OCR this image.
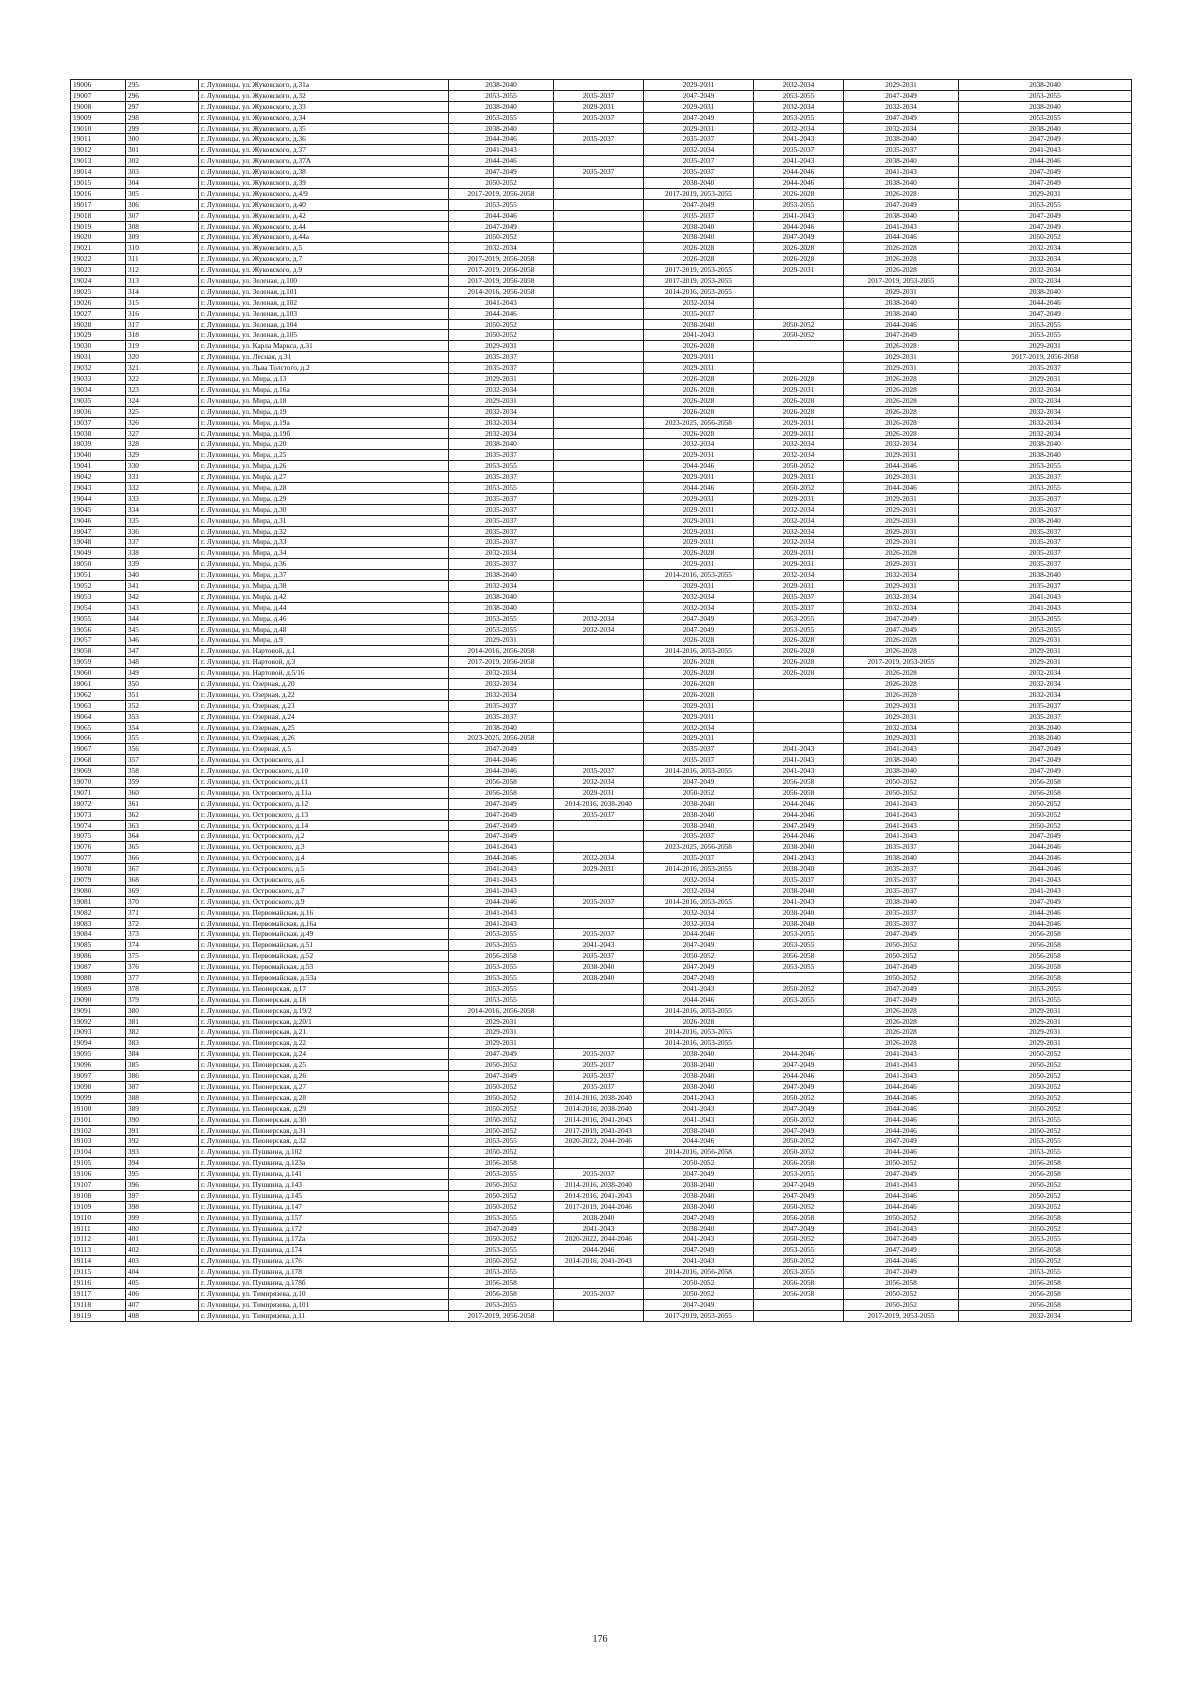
19006	295	г. Луховицы, ул. Жуковского, д.31а	2038-2040		2029-2031	2032-2034	2029-2031	2038-2040
19007	296	г. Луховицы, ул. Жуковского, д.32	2053-2055	2035-2037	2047-2049	2053-2055	2047-2049	2053-2055
19008	297	г. Луховицы, ул. Жуковского, д.33	2038-2040	2029-2031	2029-2031	2032-2034	2032-2034	2038-2040
19009	298	г. Луховицы, ул. Жуковского, д.34	2053-2055	2035-2037	2047-2049	2053-2055	2047-2049	2053-2055
19010	299	г. Луховицы, ул. Жуковского, д.35	2038-2040		2029-2031	2032-2034	2032-2034	2038-2040
19011	300	г. Луховицы, ул. Жуковского, д.36	2044-2046	2035-2037	2035-2037	2041-2043	2038-2040	2047-2049
19012	301	г. Луховицы, ул. Жуковского, д.37	2041-2043		2032-2034	2035-2037	2035-2037	2041-2043
19013	302	г. Луховицы, ул. Жуковского, д.37А	2044-2046		2035-2037	2041-2043	2038-2040	2044-2046
19014	303	г. Луховицы, ул. Жуковского, д.38	2047-2049	2035-2037	2035-2037	2044-2046	2041-2043	2047-2049
19015	304	г. Луховицы, ул. Жуковского, д.39	2050-2052		2038-2040	2044-2046	2038-2040	2047-2049
19016	305	г. Луховицы, ул. Жуковского, д.4/9	2017-2019, 2056-2058		2017-2019, 2053-2055	2026-2028	2026-2028	2029-2031
19017	306	г. Луховицы, ул. Жуковского, д.40	2053-2055		2047-2049	2053-2055	2047-2049	2053-2055
19018	307	г. Луховицы, ул. Жуковского, д.42	2044-2046		2035-2037	2041-2043	2038-2040	2047-2049
19019	308	г. Луховицы, ул. Жуковского, д.44	2047-2049		2038-2040	2044-2046	2041-2043	2047-2049
19020	309	г. Луховицы, ул. Жуковского, д.44а	2050-2052		2038-2040	2047-2049	2044-2046	2050-2052
19021	310	г. Луховицы, ул. Жуковского, д.5	2032-2034		2026-2028	2026-2028	2026-2028	2032-2034
19022	311	г. Луховицы, ул. Жуковского, д.7	2017-2019, 2056-2058		2026-2028	2026-2028	2026-2028	2032-2034
19023	312	г. Луховицы, ул. Жуковского, д.9	2017-2019, 2056-2058		2017-2019, 2053-2055	2029-2031	2026-2028	2032-2034
19024	313	г. Луховицы, ул. Зеленая, д.100	2017-2019, 2056-2058		2017-2019, 2053-2055		2017-2019, 2053-2055	2032-2034
19025	314	г. Луховицы, ул. Зеленая, д.101	2014-2016, 2056-2058		2014-2016, 2053-2055		2029-2031	2038-2040
19026	315	г. Луховицы, ул. Зеленая, д.102	2041-2043		2032-2034		2038-2040	2044-2046
19027	316	г. Луховицы, ул. Зеленая, д.103	2044-2046		2035-2037		2038-2040	2047-2049
19028	317	г. Луховицы, ул. Зеленая, д.104	2050-2052		2038-2040	2050-2052	2044-2046	2053-2055
19029	318	г. Луховицы, ул. Зеленая, д.105	2050-2052		2041-2043	2050-2052	2047-2049	2053-2055
19030	319	г. Луховицы, ул. Карла Маркса, д.31	2029-2031		2026-2028		2026-2028	2029-2031
19031	320	г. Луховицы, ул. Лесная, д.31	2035-2037		2029-2031		2029-2031	2017-2019, 2056-2058
19032	321	г. Луховицы, ул. Льва Толстого, д.2	2035-2037		2029-2031		2029-2031	2035-2037
19033	322	г. Луховицы, ул. Мира, д.13	2029-2031		2026-2028	2026-2028	2026-2028	2029-2031
19034	323	г. Луховицы, ул. Мира, д.16а	2032-2034		2026-2028	2029-2031	2026-2028	2032-2034
19035	324	г. Луховицы, ул. Мира, д.18	2029-2031		2026-2028	2026-2028	2026-2028	2032-2034
19036	325	г. Луховицы, ул. Мира, д.19	2032-2034		2026-2028	2026-2028	2026-2028	2032-2034
19037	326	г. Луховицы, ул. Мира, д.19а	2032-2034		2023-2025, 2056-2058	2029-2031	2026-2028	2032-2034
19038	327	г. Луховицы, ул. Мира, д.19б	2032-2034		2026-2028	2029-2031	2026-2028	2032-2034
19039	328	г. Луховицы, ул. Мира, д.20	2038-2040		2032-2034	2032-2034	2032-2034	2038-2040
19040	329	г. Луховицы, ул. Мира, д.25	2035-2037		2029-2031	2032-2034	2029-2031	2038-2040
19041	330	г. Луховицы, ул. Мира, д.26	2053-2055		2044-2046	2050-2052	2044-2046	2053-2055
19042	331	г. Луховицы, ул. Мира, д.27	2035-2037		2029-2031	2029-2031	2029-2031	2035-2037
19043	332	г. Луховицы, ул. Мира, д.28	2053-2055		2044-2046	2050-2052	2044-2046	2053-2055
19044	333	г. Луховицы, ул. Мира, д.29	2035-2037		2029-2031	2029-2031	2029-2031	2035-2037
19045	334	г. Луховицы, ул. Мира, д.30	2035-2037		2029-2031	2032-2034	2029-2031	2035-2037
19046	335	г. Луховицы, ул. Мира, д.31	2035-2037		2029-2031	2032-2034	2029-2031	2038-2040
19047	336	г. Луховицы, ул. Мира, д.32	2035-2037		2029-2031	2032-2034	2029-2031	2035-2037
19048	337	г. Луховицы, ул. Мира, д.33	2035-2037		2029-2031	2032-2034	2029-2031	2035-2037
19049	338	г. Луховицы, ул. Мира, д.34	2032-2034		2026-2028	2029-2031	2026-2028	2035-2037
19050	339	г. Луховицы, ул. Мира, д.36	2035-2037		2029-2031	2029-2031	2029-2031	2035-2037
19051	340	г. Луховицы, ул. Мира, д.37	2038-2040		2014-2016, 2053-2055	2032-2034	2032-2034	2038-2040
19052	341	г. Луховицы, ул. Мира, д.38	2032-2034		2029-2031	2029-2031	2029-2031	2035-2037
19053	342	г. Луховицы, ул. Мира, д.42	2038-2040		2032-2034	2035-2037	2032-2034	2041-2043
19054	343	г. Луховицы, ул. Мира, д.44	2038-2040		2032-2034	2035-2037	2032-2034	2041-2043
19055	344	г. Луховицы, ул. Мира, д.46	2053-2055	2032-2034	2047-2049	2053-2055	2047-2049	2053-2055
19056	345	г. Луховицы, ул. Мира, д.48	2053-2055	2032-2034	2047-2049	2053-2055	2047-2049	2053-2055
19057	346	г. Луховицы, ул. Мира, д.9	2029-2031		2026-2028	2026-2028	2026-2028	2029-2031
19058	347	г. Луховицы, ул. Нартовой, д.1	2014-2016, 2056-2058		2014-2016, 2053-2055	2026-2028	2026-2028	2029-2031
19059	348	г. Луховицы, ул. Нартовой, д.3	2017-2019, 2056-2058		2026-2028	2026-2028	2017-2019, 2053-2055	2029-2031
19060	349	г. Луховицы, ул. Нартовой, д.5/16	2032-2034		2026-2028	2026-2028	2026-2028	2032-2034
19061	350	г. Луховицы, ул. Озерная, д.20	2032-2034		2026-2028		2026-2028	2032-2034
19062	351	г. Луховицы, ул. Озерная, д.22	2032-2034		2026-2028		2026-2028	2032-2034
19063	352	г. Луховицы, ул. Озерная, д.23	2035-2037		2029-2031		2029-2031	2035-2037
19064	353	г. Луховицы, ул. Озерная, д.24	2035-2037		2029-2031		2029-2031	2035-2037
19065	354	г. Луховицы, ул. Озерная, д.25	2038-2040		2032-2034		2032-2034	2038-2040
19066	355	г. Луховицы, ул. Озерная, д.26	2023-2025, 2056-2058		2029-2031		2029-2031	2038-2040
19067	356	г. Луховицы, ул. Озерная, д.5	2047-2049		2035-2037	2041-2043	2041-2043	2047-2049
19068	357	г. Луховицы, ул. Островского, д.1	2044-2046		2035-2037	2041-2043	2038-2040	2047-2049
19069	358	г. Луховицы, ул. Островского, д.10	2044-2046	2035-2037	2014-2016, 2053-2055	2041-2043	2038-2040	2047-2049
19070	359	г. Луховицы, ул. Островского, д.11	2056-2058	2032-2034	2047-2049	2056-2058	2050-2052	2056-2058
19071	360	г. Луховицы, ул. Островского, д.11а	2056-2058	2029-2031	2050-2052	2056-2058	2050-2052	2056-2058
19072	361	г. Луховицы, ул. Островского, д.12	2047-2049	2014-2016, 2038-2040	2038-2040	2044-2046	2041-2043	2050-2052
19073	362	г. Луховицы, ул. Островского, д.13	2047-2049	2035-2037	2038-2040	2044-2046	2041-2043	2050-2052
19074	363	г. Луховицы, ул. Островского, д.14	2047-2049		2038-2040	2047-2049	2041-2043	2050-2052
19075	364	г. Луховицы, ул. Островского, д.2	2047-2049		2035-2037	2044-2046	2041-2043	2047-2049
19076	365	г. Луховицы, ул. Островского, д.3	2041-2043		2023-2025, 2056-2058	2038-2040	2035-2037	2044-2046
19077	366	г. Луховицы, ул. Островского, д.4	2044-2046	2032-2034	2035-2037	2041-2043	2038-2040	2044-2046
19078	367	г. Луховицы, ул. Островского, д.5	2041-2043	2029-2031	2014-2016, 2053-2055	2038-2040	2035-2037	2044-2046
19079	368	г. Луховицы, ул. Островского, д.6	2041-2043		2032-2034	2035-2037	2035-2037	2041-2043
19080	369	г. Луховицы, ул. Островского, д.7	2041-2043		2032-2034	2038-2040	2035-2037	2041-2043
19081	370	г. Луховицы, ул. Островского, д.9	2044-2046	2035-2037	2014-2016, 2053-2055	2041-2043	2038-2040	2047-2049
19082	371	г. Луховицы, ул. Первомайская, д.16	2041-2043		2032-2034	2038-2040	2035-2037	2044-2046
19083	372	г. Луховицы, ул. Первомайская, д.16а	2041-2043		2032-2034	2038-2040	2035-2037	2044-2046
19084	373	г. Луховицы, ул. Первомайская, д.49	2053-2055	2035-2037	2044-2046	2053-2055	2047-2049	2056-2058
19085	374	г. Луховицы, ул. Первомайская, д.51	2053-2055	2041-2043	2047-2049	2053-2055	2050-2052	2056-2058
19086	375	г. Луховицы, ул. Первомайская, д.52	2056-2058	2035-2037	2050-2052	2056-2058	2050-2052	2056-2058
19087	376	г. Луховицы, ул. Первомайская, д.53	2053-2055	2038-2040	2047-2049	2053-2055	2047-2049	2056-2058
19088	377	г. Луховицы, ул. Первомайская, д.53а	2053-2055	2038-2040	2047-2049		2050-2052	2056-2058
19089	378	г. Луховицы, ул. Пионерская, д.17	2053-2055		2041-2043	2050-2052	2047-2049	2053-2055
19090	379	г. Луховицы, ул. Пионерская, д.18	2053-2055		2044-2046	2053-2055	2047-2049	2053-2055
19091	380	г. Луховицы, ул. Пионерская, д.19/2	2014-2016, 2056-2058		2014-2016, 2053-2055		2026-2028	2029-2031
19092	381	г. Луховицы, ул. Пионерская, д.20/1	2029-2031		2026-2028		2026-2028	2029-2031
19093	382	г. Луховицы, ул. Пионерская, д.21	2029-2031		2014-2016, 2053-2055		2026-2028	2029-2031
19094	383	г. Луховицы, ул. Пионерская, д.22	2029-2031		2014-2016, 2053-2055		2026-2028	2029-2031
19095	384	г. Луховицы, ул. Пионерская, д.24	2047-2049	2035-2037	2038-2040	2044-2046	2041-2043	2050-2052
19096	385	г. Луховицы, ул. Пионерская, д.25	2050-2052	2035-2037	2038-2040	2047-2049	2041-2043	2050-2052
19097	386	г. Луховицы, ул. Пионерская, д.26	2047-2049	2035-2037	2038-2040	2044-2046	2041-2043	2050-2052
19098	387	г. Луховицы, ул. Пионерская, д.27	2050-2052	2035-2037	2038-2040	2047-2049	2044-2046	2050-2052
19099	388	г. Луховицы, ул. Пионерская, д.28	2050-2052	2014-2016, 2038-2040	2041-2043	2050-2052	2044-2046	2050-2052
19100	389	г. Луховицы, ул. Пионерская, д.29	2050-2052	2014-2016, 2038-2040	2041-2043	2047-2049	2044-2046	2050-2052
19101	390	г. Луховицы, ул. Пионерская, д.30	2050-2052	2014-2016, 2041-2043	2041-2043	2050-2052	2044-2046	2053-2055
19102	391	г. Луховицы, ул. Пионерская, д.31	2050-2052	2017-2019, 2041-2043	2038-2040	2047-2049	2044-2046	2050-2052
19103	392	г. Луховицы, ул. Пионерская, д.32	2053-2055	2020-2022, 2044-2046	2044-2046	2050-2052	2047-2049	2053-2055
19104	393	г. Луховицы, ул. Пушкина, д.102	2050-2052		2014-2016, 2056-2058	2050-2052	2044-2046	2053-2055
19105	394	г. Луховицы, ул. Пушкина, д.123а	2056-2058		2050-2052	2056-2058	2050-2052	2056-2058
19106	395	г. Луховицы, ул. Пушкина, д.141	2053-2055	2035-2037	2047-2049	2053-2055	2047-2049	2056-2058
19107	396	г. Луховицы, ул. Пушкина, д.143	2050-2052	2014-2016, 2038-2040	2038-2040	2047-2049	2041-2043	2050-2052
19108	397	г. Луховицы, ул. Пушкина, д.145	2050-2052	2014-2016, 2041-2043	2038-2040	2047-2049	2044-2046	2050-2052
19109	398	г. Луховицы, ул. Пушкина, д.147	2050-2052	2017-2019, 2044-2046	2038-2040	2050-2052	2044-2046	2050-2052
19110	399	г. Луховицы, ул. Пушкина, д.157	2053-2055	2038-2040	2047-2049	2056-2058	2050-2052	2056-2058
19111	400	г. Луховицы, ул. Пушкина, д.172	2047-2049	2041-2043	2038-2040	2047-2049	2041-2043	2050-2052
19112	401	г. Луховицы, ул. Пушкина, д.172а	2050-2052	2020-2022, 2044-2046	2041-2043	2050-2052	2047-2049	2053-2055
19113	402	г. Луховицы, ул. Пушкина, д.174	2053-2055	2044-2046	2047-2049	2053-2055	2047-2049	2056-2058
19114	403	г. Луховицы, ул. Пушкина, д.176	2050-2052	2014-2016, 2041-2043	2041-2043	2050-2052	2044-2046	2050-2052
19115	404	г. Луховицы, ул. Пушкина, д.178	2053-2055		2014-2016, 2056-2058	2053-2055	2047-2049	2053-2055
19116	405	г. Луховицы, ул. Пушкина, д.178б	2056-2058		2050-2052	2056-2058	2056-2058	2056-2058
19117	406	г. Луховицы, ул. Тимирязева, д.10	2056-2058	2035-2037	2050-2052	2056-2058	2050-2052	2056-2058
19118	407	г. Луховицы, ул. Тимирязева, д.101	2053-2055		2047-2049		2050-2052	2056-2058
19119	408	г. Луховицы, ул. Тимирязева, д.11	2017-2019, 2056-2058		2017-2019, 2053-2055		2017-2019, 2053-2055	2032-2034
176
